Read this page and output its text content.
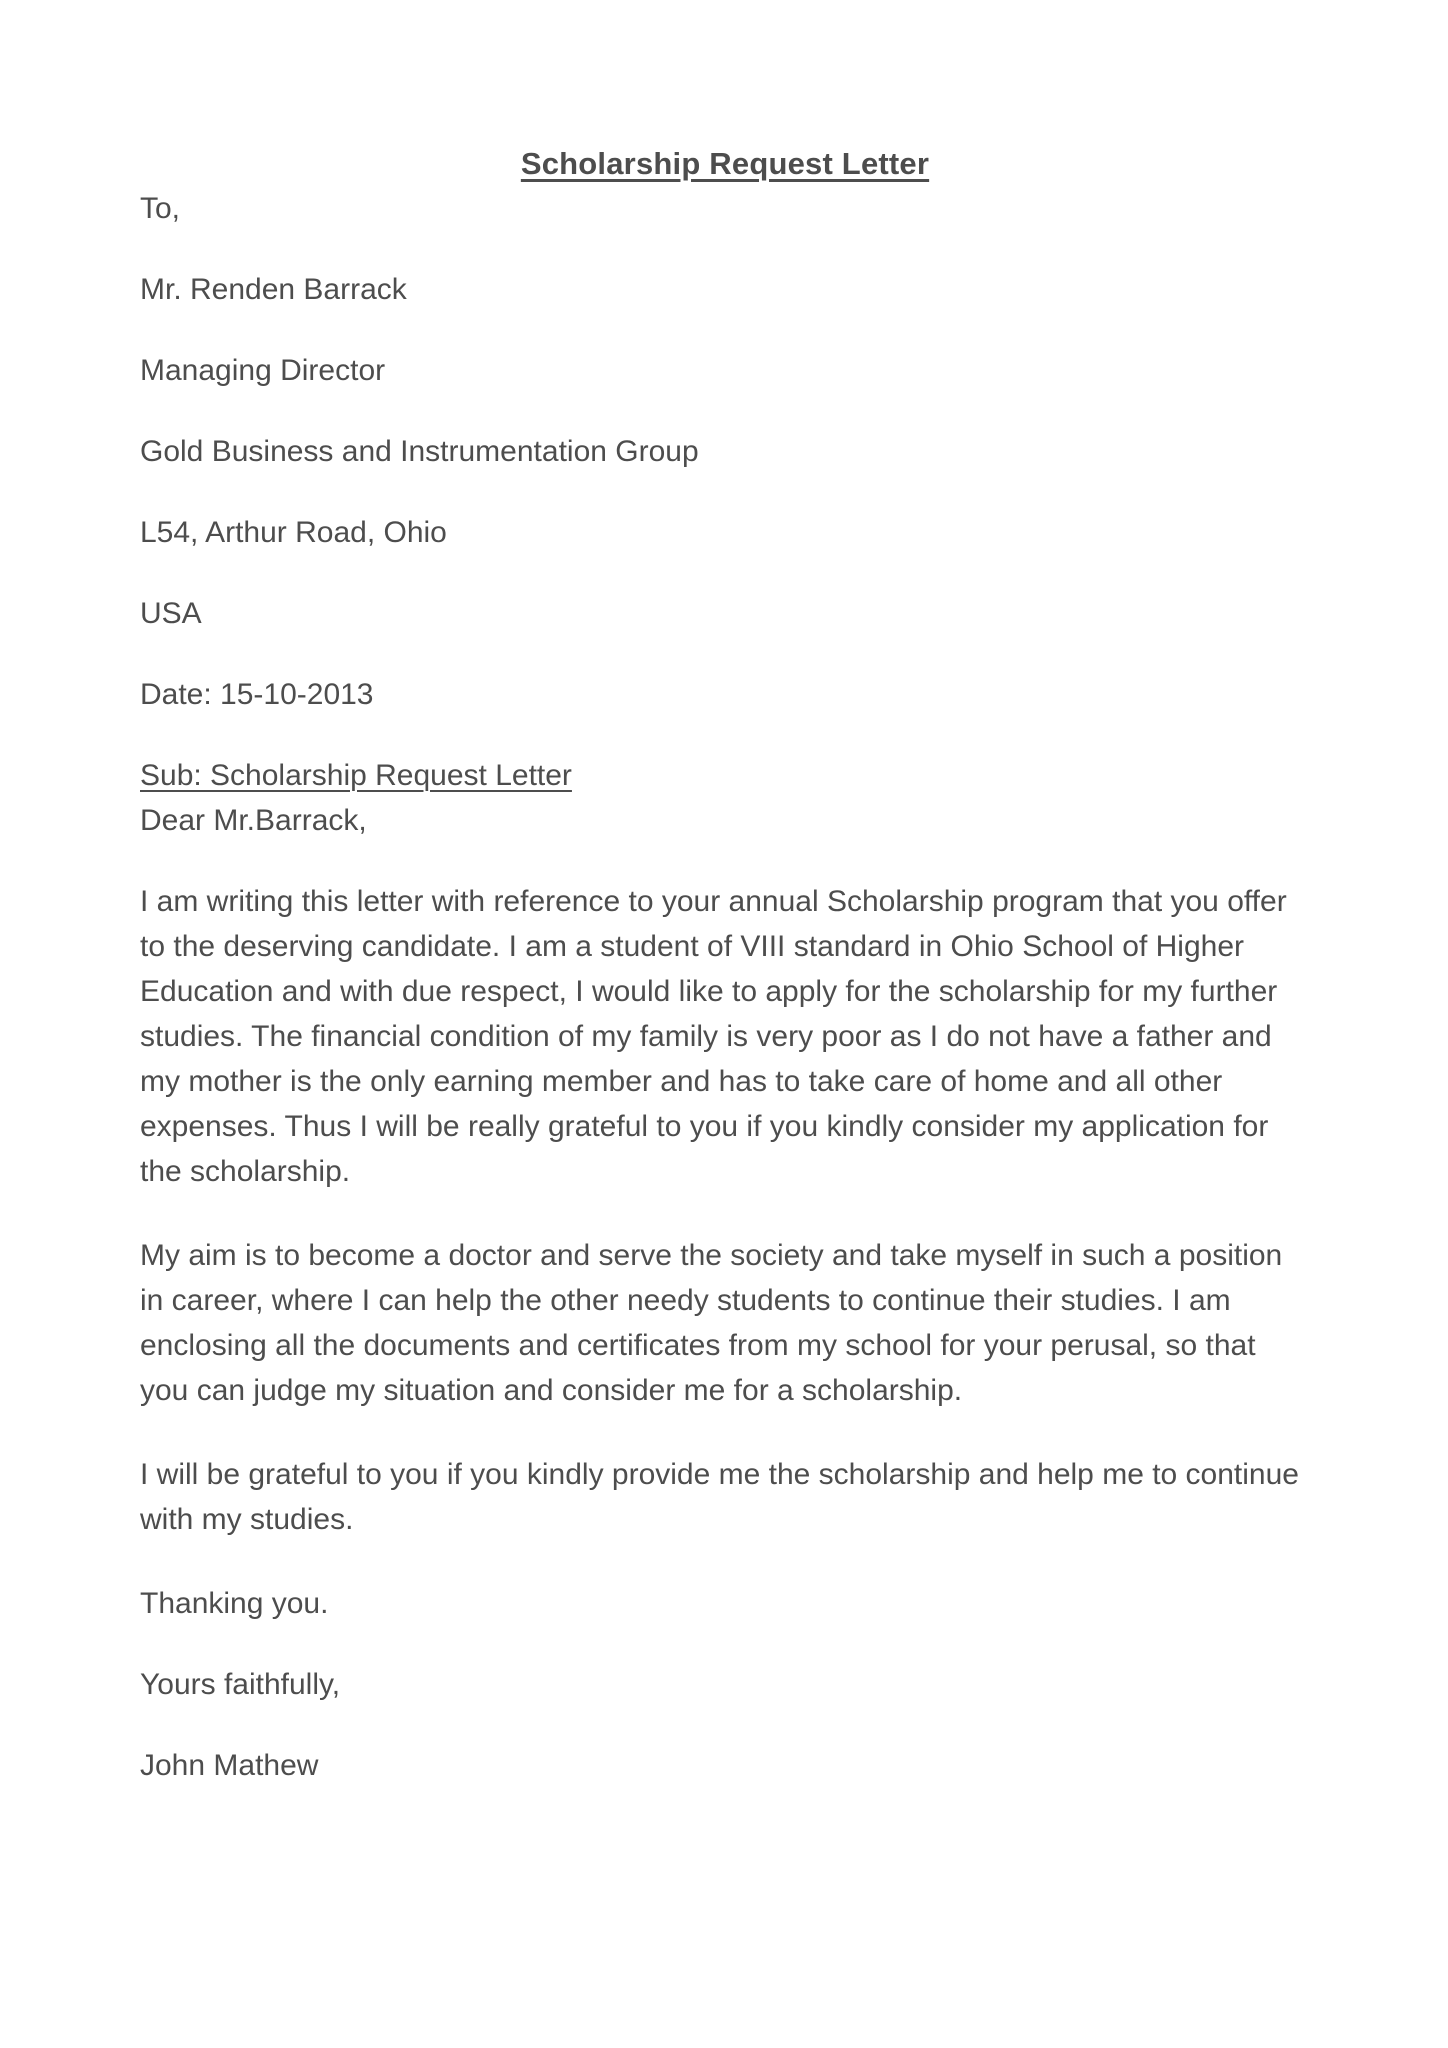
Scholarship Request Letter

To,

Mr. Renden Barrack

Managing Director

Gold Business and Instrumentation Group

L54, Arthur Road, Ohio

USA

Date: 15-10-2013

Sub: Scholarship Request Letter

Dear Mr.Barrack,

I am writing this letter with reference to your annual Scholarship program that you offer to the deserving candidate. I am a student of VIII standard in Ohio School of Higher Education and with due respect, I would like to apply for the scholarship for my further studies. The financial condition of my family is very poor as I do not have a father and my mother is the only earning member and has to take care of home and all other expenses. Thus I will be really grateful to you if you kindly consider my application for the scholarship.

My aim is to become a doctor and serve the society and take myself in such a position in career, where I can help the other needy students to continue their studies. I am enclosing all the documents and certificates from my school for your perusal, so that you can judge my situation and consider me for a scholarship.

I will be grateful to you if you kindly provide me the scholarship and help me to continue with my studies.

Thanking you.

Yours faithfully,

John Mathew
